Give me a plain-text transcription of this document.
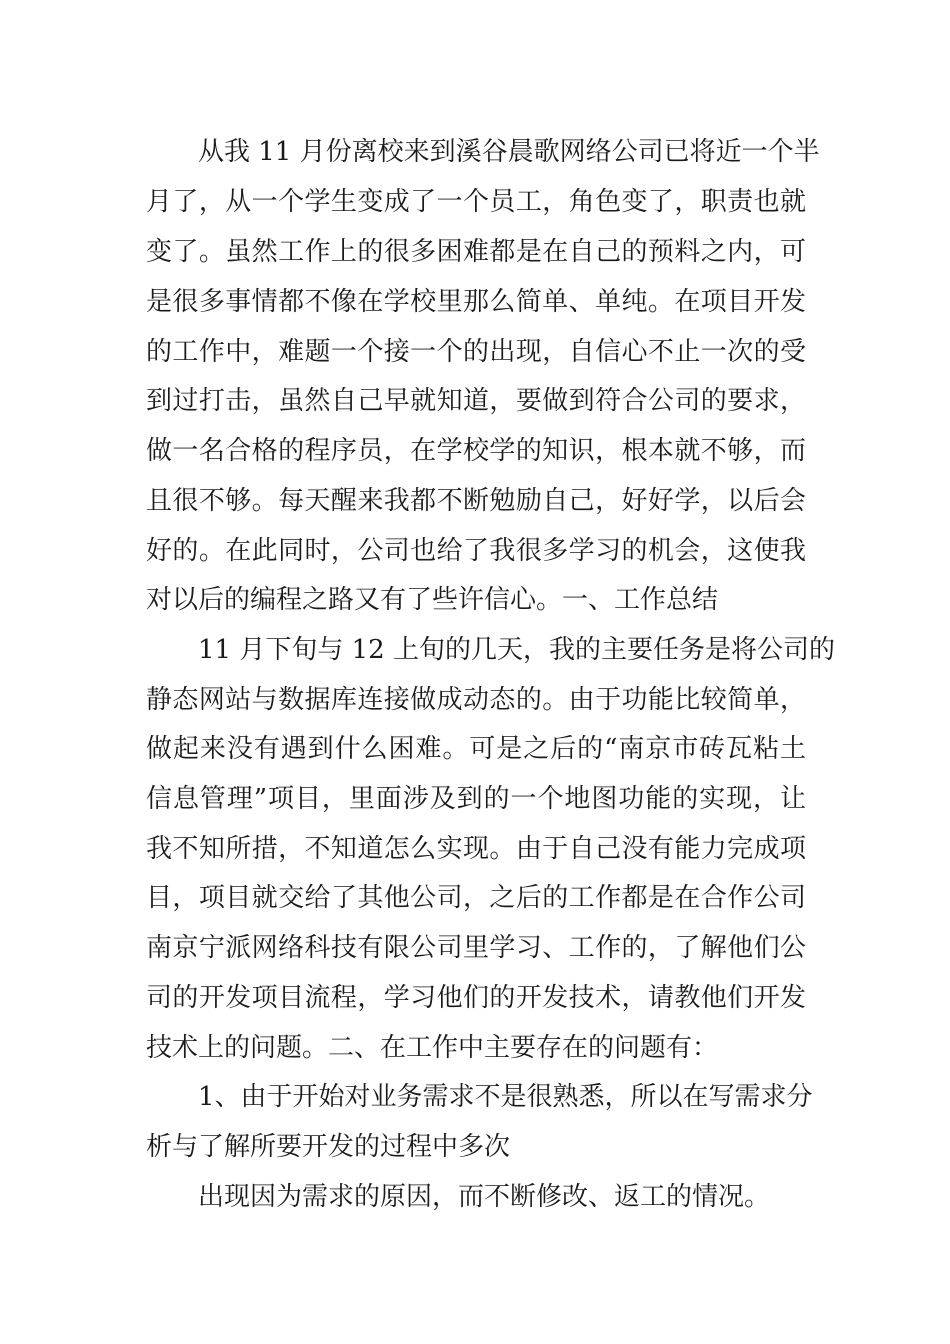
从我 11 月份离校来到溪谷晨歌网络公司已将近一个半
月了，从一个学生变成了一个员工，角色变了，职责也就
变了。虽然工作上的很多困难都是在自己的预料之内，可
是很多事情都不像在学校里那么简单、单纯。在项目开发
的工作中，难题一个接一个的出现，自信心不止一次的受
到过打击，虽然自己早就知道，要做到符合公司的要求，
做一名合格的程序员，在学校学的知识，根本就不够，而
且很不够。每天醒来我都不断勉励自己，好好学，以后会
好的。在此同时，公司也给了我很多学习的机会，这使我
对以后的编程之路又有了些许信心。一、工作总结
11 月下旬与 12 上旬的几天，我的主要任务是将公司的
静态网站与数据库连接做成动态的。由于功能比较简单，
做起来没有遇到什么困难。可是之后的“南京市砖瓦粘土
信息管理”项目，里面涉及到的一个地图功能的实现，让
我不知所措，不知道怎么实现。由于自己没有能力完成项
目，项目就交给了其他公司，之后的工作都是在合作公司
南京宁派网络科技有限公司里学习、工作的，了解他们公
司的开发项目流程，学习他们的开发技术，请教他们开发
技术上的问题。二、在工作中主要存在的问题有：
1、由于开始对业务需求不是很熟悉，所以在写需求分
析与了解所要开发的过程中多次
出现因为需求的原因，而不断修改、返工的情况。
